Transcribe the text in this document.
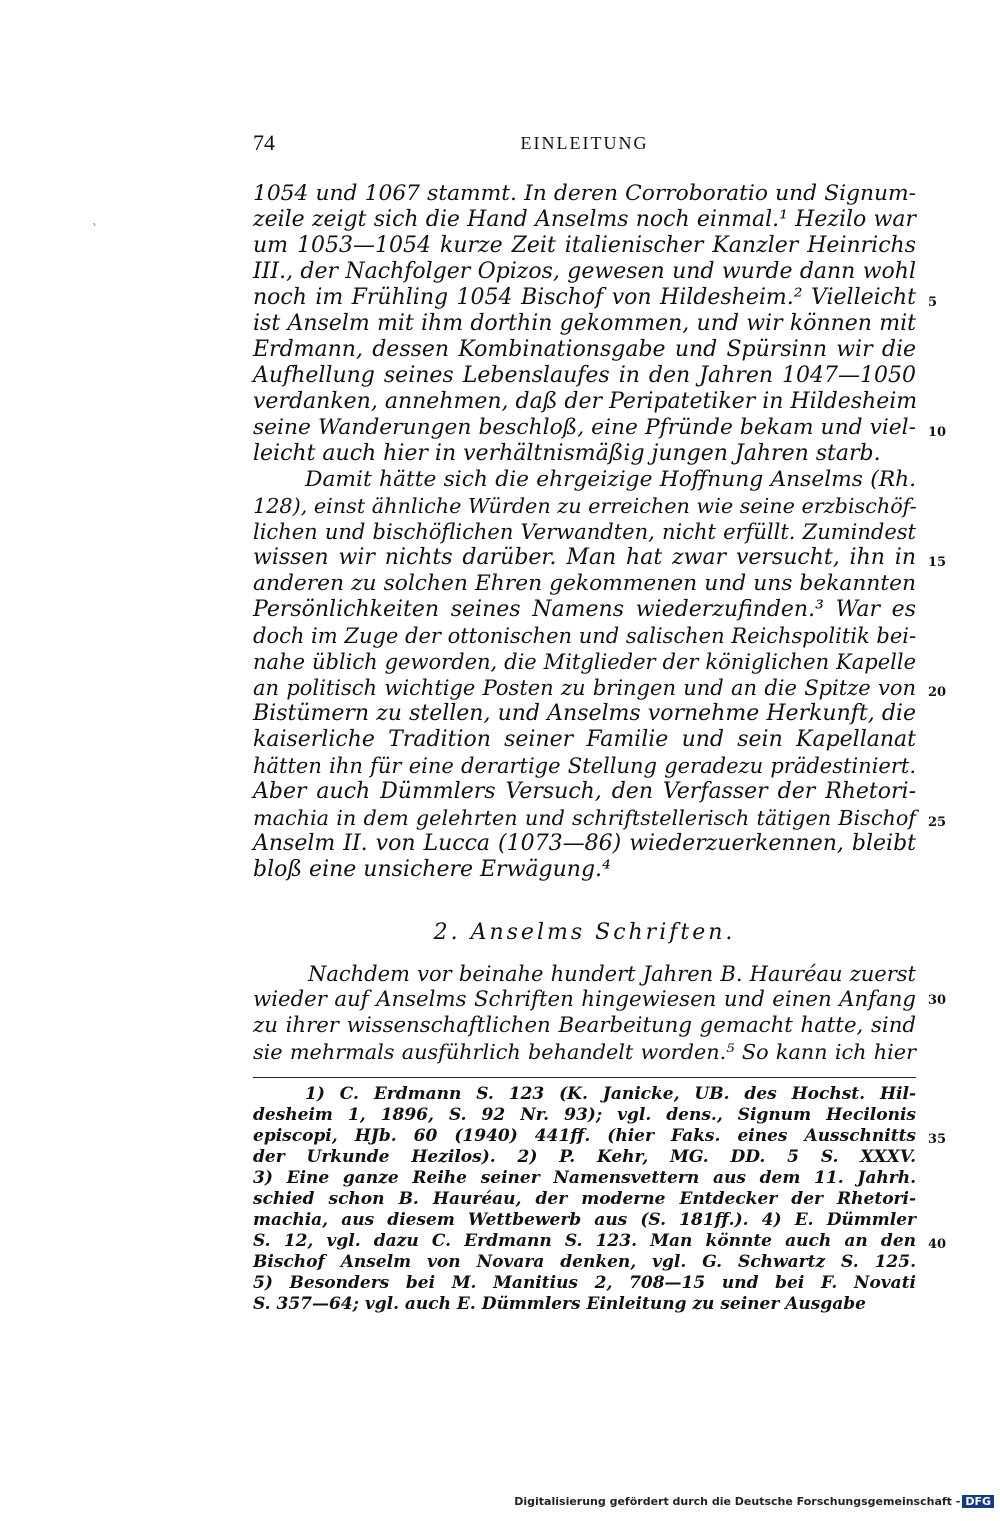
`
74	EINLEITUNG
1054 und 1067 stammt. In deren Corroboratio und Signum-
zeile zeigt sich die Hand Anselms noch einmal.¹ Hezilo war
um 1053—1054 kurze Zeit italienischer Kanzler Heinrichs
III., der Nachfolger Opizos, gewesen und wurde dann wohl
noch im Frühling 1054 Bischof von Hildesheim.² Vielleicht
ist Anselm mit ihm dorthin gekommen, und wir können mit
Erdmann, dessen Kombinationsgabe und Spürsinn wir die
Aufhellung seines Lebenslaufes in den Jahren 1047—1050
verdanken, annehmen, daß der Peripatetiker in Hildesheim
seine Wanderungen beschloß, eine Pfründe bekam und viel-
leicht auch hier in verhältnismäßig jungen Jahren starb.
Damit hätte sich die ehrgeizige Hoffnung Anselms (Rh.
128), einst ähnliche Würden zu erreichen wie seine erzbischöf-
lichen und bischöflichen Verwandten, nicht erfüllt. Zumindest
wissen wir nichts darüber. Man hat zwar versucht, ihn in
anderen zu solchen Ehren gekommenen und uns bekannten
Persönlichkeiten seines Namens wiederzufinden.³ War es
doch im Zuge der ottonischen und salischen Reichspolitik bei-
nahe üblich geworden, die Mitglieder der königlichen Kapelle
an politisch wichtige Posten zu bringen und an die Spitze von
Bistümern zu stellen, und Anselms vornehme Herkunft, die
kaiserliche Tradition seiner Familie und sein Kapellanat
hätten ihn für eine derartige Stellung geradezu prädestiniert.
Aber auch Dümmlers Versuch, den Verfasser der Rhetori-
machia in dem gelehrten und schriftstellerisch tätigen Bischof
Anselm II. von Lucca (1073—86) wiederzuerkennen, bleibt
bloß eine unsichere Erwägung.⁴
2. Anselms Schriften.
Nachdem vor beinahe hundert Jahren B. Hauréau zuerst
wieder auf Anselms Schriften hingewiesen und einen Anfang
zu ihrer wissenschaftlichen Bearbeitung gemacht hatte, sind
sie mehrmals ausführlich behandelt worden.⁵ So kann ich hier
1) C. Erdmann S. 123 (K. Janicke, UB. des Hochst. Hil-
desheim 1, 1896, S. 92 Nr. 93); vgl. dens., Signum Hecilonis
episcopi, HJb. 60 (1940) 441ff. (hier Faks. eines Ausschnitts
der Urkunde Hezilos). 2) P. Kehr, MG. DD. 5 S. XXXV.
3) Eine ganze Reihe seiner Namensvettern aus dem 11. Jahrh.
schied schon B. Hauréau, der moderne Entdecker der Rhetori-
machia, aus diesem Wettbewerb aus (S. 181ff.). 4) E. Dümmler
S. 12, vgl. dazu C. Erdmann S. 123. Man könnte auch an den
Bischof Anselm von Novara denken, vgl. G. Schwartz S. 125.
5) Besonders bei M. Manitius 2, 708—15 und bei F. Novati
S. 357—64; vgl. auch E. Dümmlers Einleitung zu seiner Ausgabe
5
10
15
20
25
30
35
40
Digitalisierung gefördert durch die Deutsche Forschungsgemeinschaft - DFG
